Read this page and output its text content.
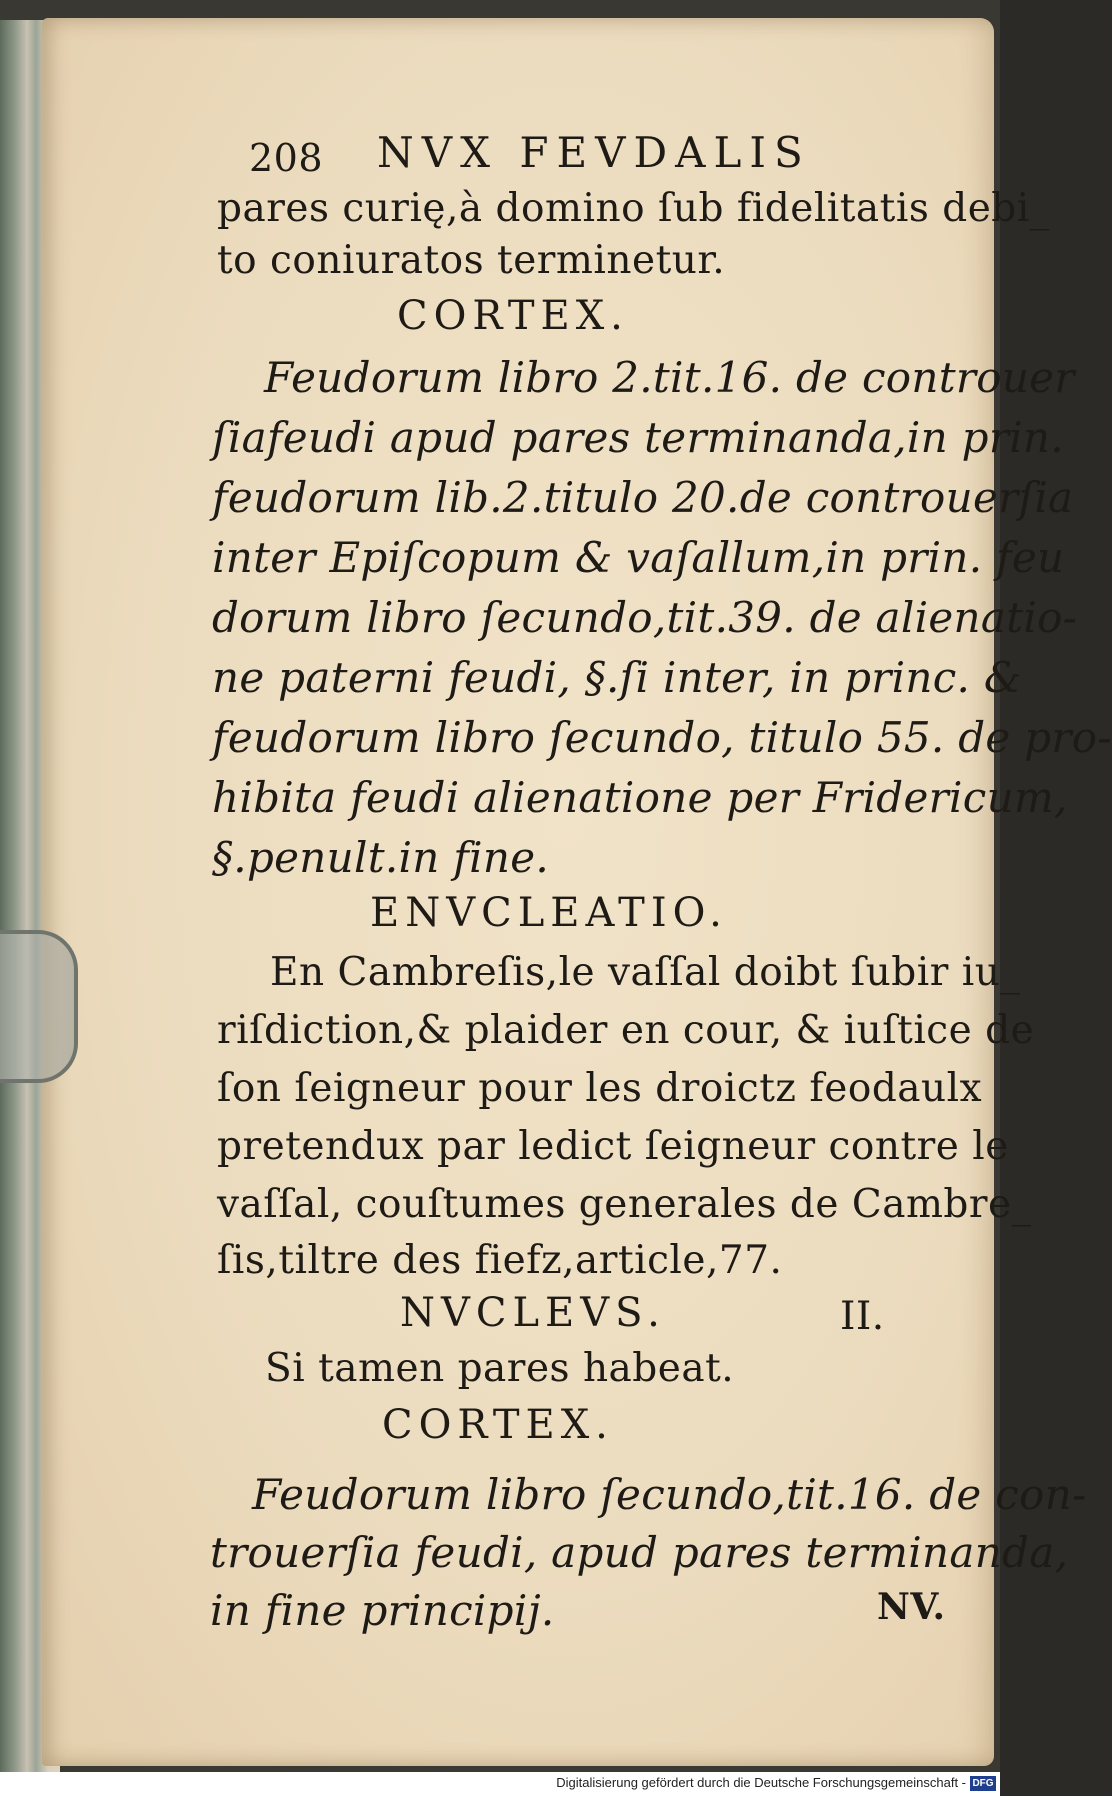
208 NVX FEVDALIS
pares curię,à domino ſub fidelitatis debi_
to coniuratos terminetur.
CORTEX.
Feudorum libro 2.tit.16. de controuer
ſiafeudi apud pares terminanda,in prin.
feudorum lib.2.titulo 20.de controuerſia
inter Epiſcopum & vaſallum,in prin. feu
dorum libro ſecundo,tit.39. de alienatio-
ne paterni feudi, §.ſi inter, in princ. &
feudorum libro ſecundo, titulo 55. de pro-
hibita feudi alienatione per Fridericum,
§.penult.in fine.
ENVCLEATIO.
En Cambreſis,le vaſſal doibt ſubir iu_
riſdiction,& plaider en cour, & iuſtice de
ſon ſeigneur pour les droictz feodaulx
pretendux par ledict ſeigneur contre le
vaſſal, couſtumes generales de Cambre_
ſis,tiltre des fiefz,article,77.
NVCLEVS.	II.
Si tamen pares habeat.
CORTEX.
Feudorum libro ſecundo,tit.16. de con-
trouerſia feudi, apud pares terminanda,
in fine principij.	NV.
Digitalisierung gefördert durch die Deutsche Forschungsgemeinschaft - DFG
